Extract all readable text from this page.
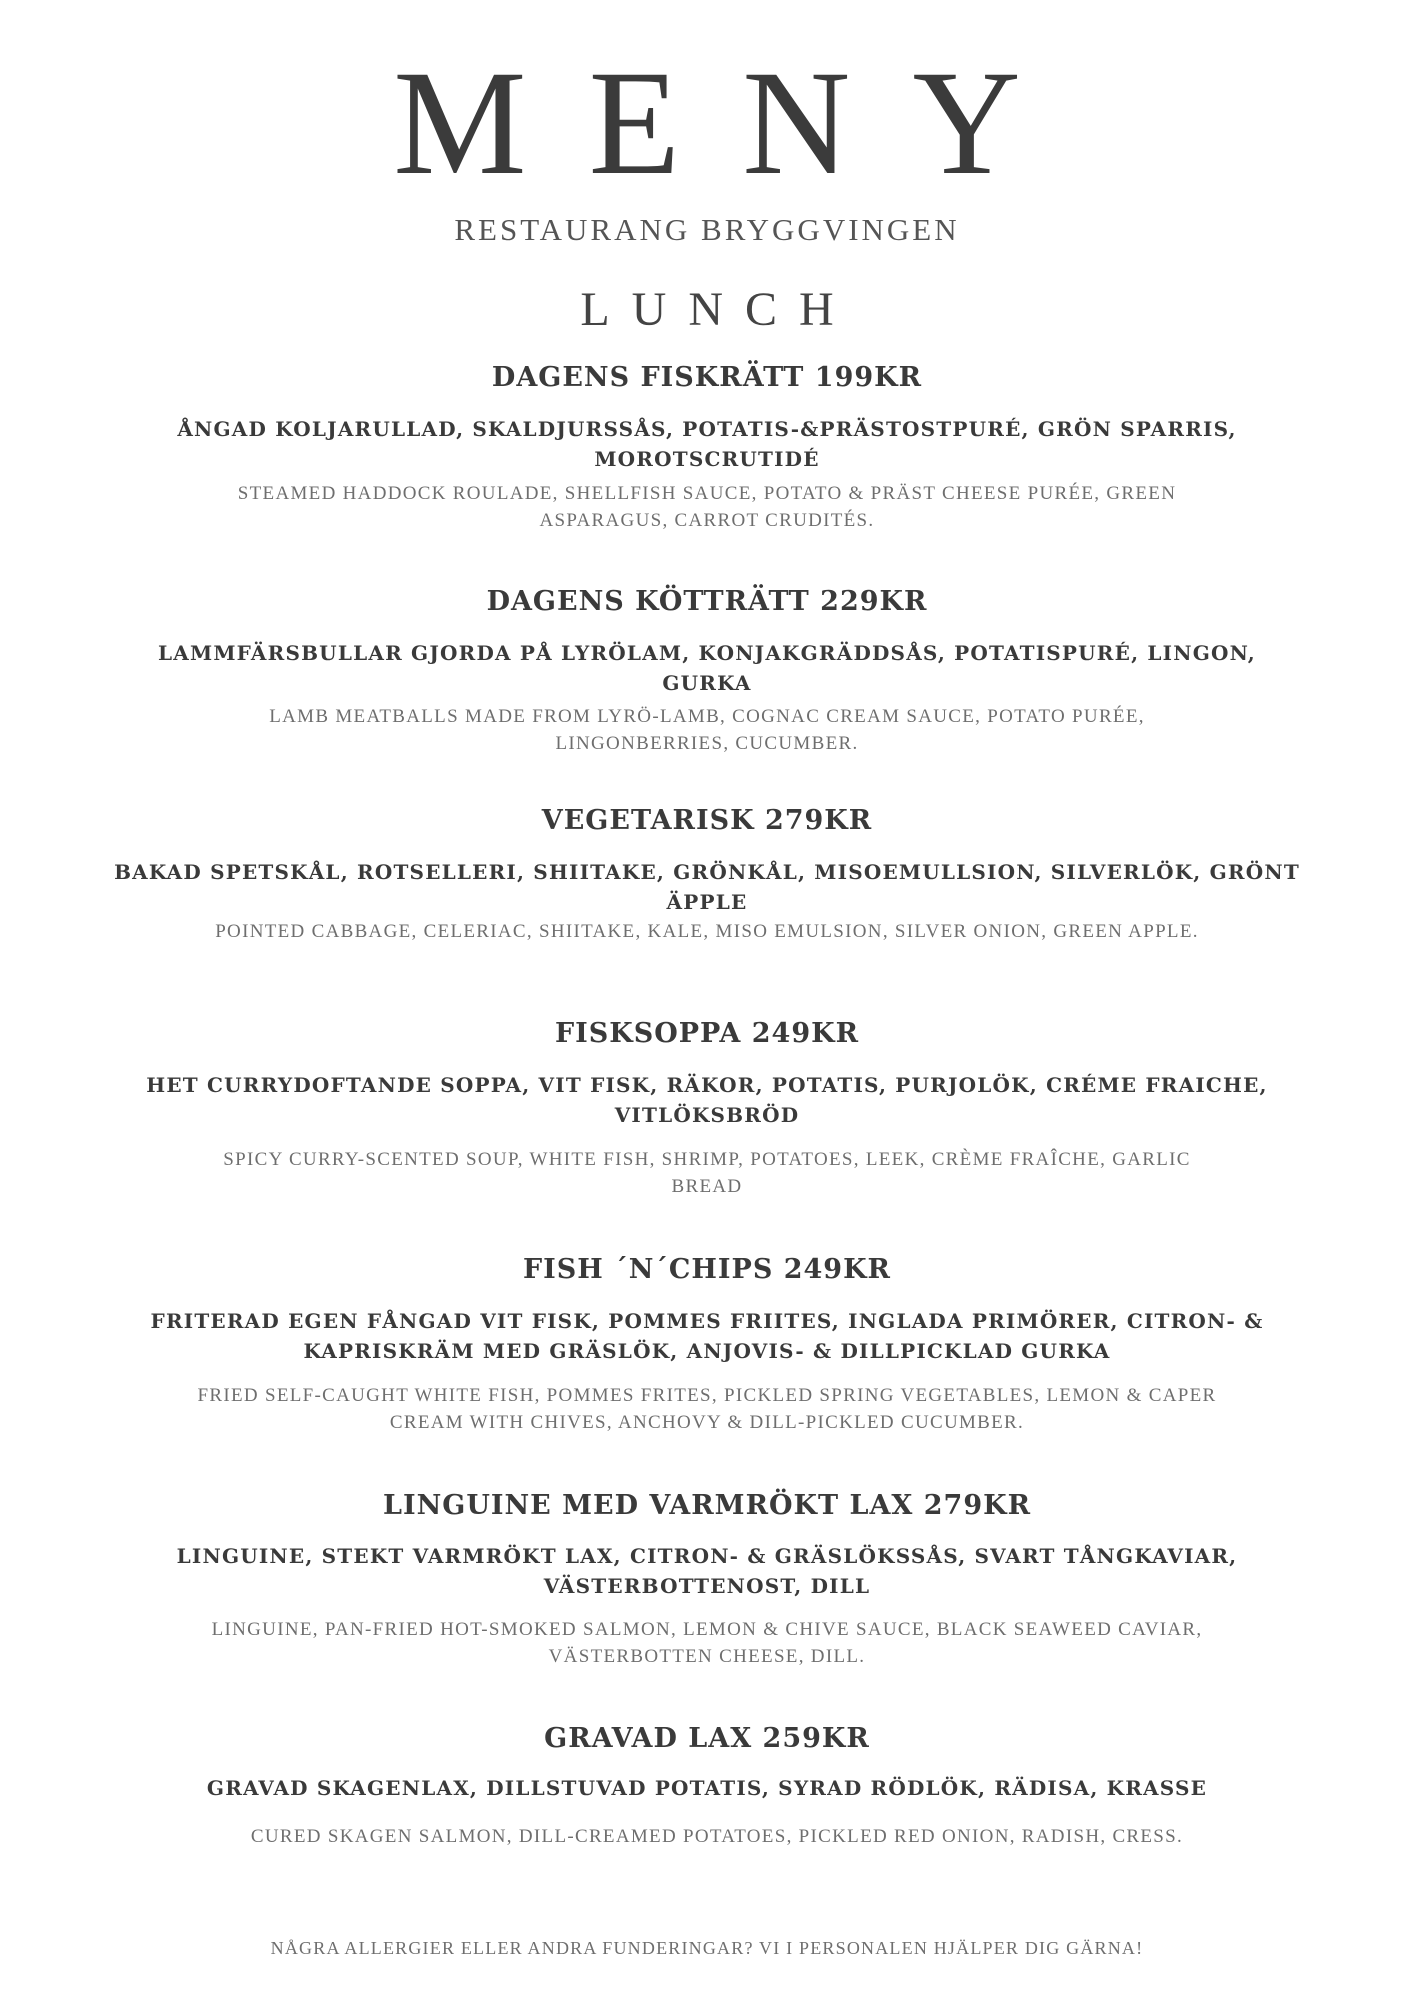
MENY
RESTAURANG BRYGGVINGEN
LUNCH
DAGENS FISKRÄTT 199KR
ÅNGAD KOLJARULLAD, SKALDJURSSÅS, POTATIS-&PRÄSTOSTPURÉ, GRÖN SPARRIS,
MOROTSCRUTIDÉ
STEAMED HADDOCK ROULADE, SHELLFISH SAUCE, POTATO & PRÄST CHEESE PURÉE, GREEN
ASPARAGUS, CARROT CRUDITÉS.
DAGENS KÖTTRÄTT 229KR
LAMMFÄRSBULLAR GJORDA PÅ LYRÖLAM, KONJAKGRÄDDSÅS, POTATISPURÉ, LINGON,
GURKA
LAMB MEATBALLS MADE FROM LYRÖ-LAMB, COGNAC CREAM SAUCE, POTATO PURÉE,
LINGONBERRIES, CUCUMBER.
VEGETARISK 279KR
BAKAD SPETSKÅL, ROTSELLERI, SHIITAKE, GRÖNKÅL, MISOEMULLSION, SILVERLÖK, GRÖNT
ÄPPLE
POINTED CABBAGE, CELERIAC, SHIITAKE, KALE, MISO EMULSION, SILVER ONION, GREEN APPLE.
FISKSOPPA 249KR
HET CURRYDOFTANDE SOPPA, VIT FISK, RÄKOR, POTATIS, PURJOLÖK, CRÉME FRAICHE,
VITLÖKSBRÖD
SPICY CURRY-SCENTED SOUP, WHITE FISH, SHRIMP, POTATOES, LEEK, CRÈME FRAÎCHE, GARLIC
BREAD
FISH ´N´CHIPS 249KR
FRITERAD EGEN FÅNGAD VIT FISK, POMMES FRIITES, INGLADA PRIMÖRER, CITRON- &
KAPRISKRÄM MED GRÄSLÖK, ANJOVIS- & DILLPICKLAD GURKA
FRIED SELF-CAUGHT WHITE FISH, POMMES FRITES, PICKLED SPRING VEGETABLES, LEMON & CAPER
CREAM WITH CHIVES, ANCHOVY & DILL-PICKLED CUCUMBER.
LINGUINE MED VARMRÖKT LAX 279KR
LINGUINE, STEKT VARMRÖKT LAX, CITRON- & GRÄSLÖKSSÅS, SVART TÅNGKAVIAR,
VÄSTERBOTTENOST, DILL
LINGUINE, PAN-FRIED HOT-SMOKED SALMON, LEMON & CHIVE SAUCE, BLACK SEAWEED CAVIAR,
VÄSTERBOTTEN CHEESE, DILL.
GRAVAD LAX 259KR
GRAVAD SKAGENLAX, DILLSTUVAD POTATIS, SYRAD RÖDLÖK, RÄDISA, KRASSE
CURED SKAGEN SALMON, DILL-CREAMED POTATOES, PICKLED RED ONION, RADISH, CRESS.
NÅGRA ALLERGIER ELLER ANDRA FUNDERINGAR? VI I PERSONALEN HJÄLPER DIG GÄRNA!
